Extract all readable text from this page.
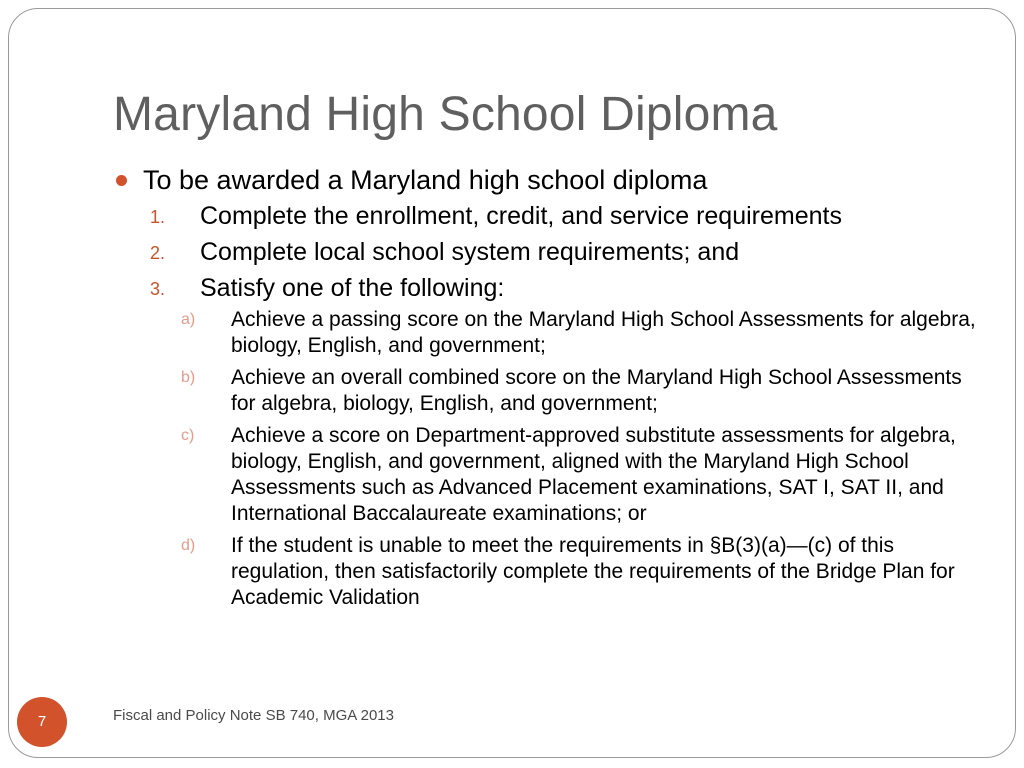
Maryland High School Diploma
To be awarded a Maryland high school diploma
1. Complete the enrollment, credit, and service requirements
2. Complete local school system requirements; and
3. Satisfy one of the following:
a) Achieve a passing score on the Maryland High School Assessments for algebra, biology, English, and government;
b) Achieve an overall combined score on the Maryland High School Assessments for algebra, biology, English, and government;
c) Achieve a score on Department-approved substitute assessments for algebra, biology, English, and government, aligned with the Maryland High School Assessments such as Advanced Placement examinations, SAT I, SAT II, and International Baccalaureate examinations; or
d) If the student is unable to meet the requirements in §B(3)(a)—(c) of this regulation, then satisfactorily complete the requirements of the Bridge Plan for Academic Validation
7	Fiscal and Policy Note SB 740, MGA 2013
